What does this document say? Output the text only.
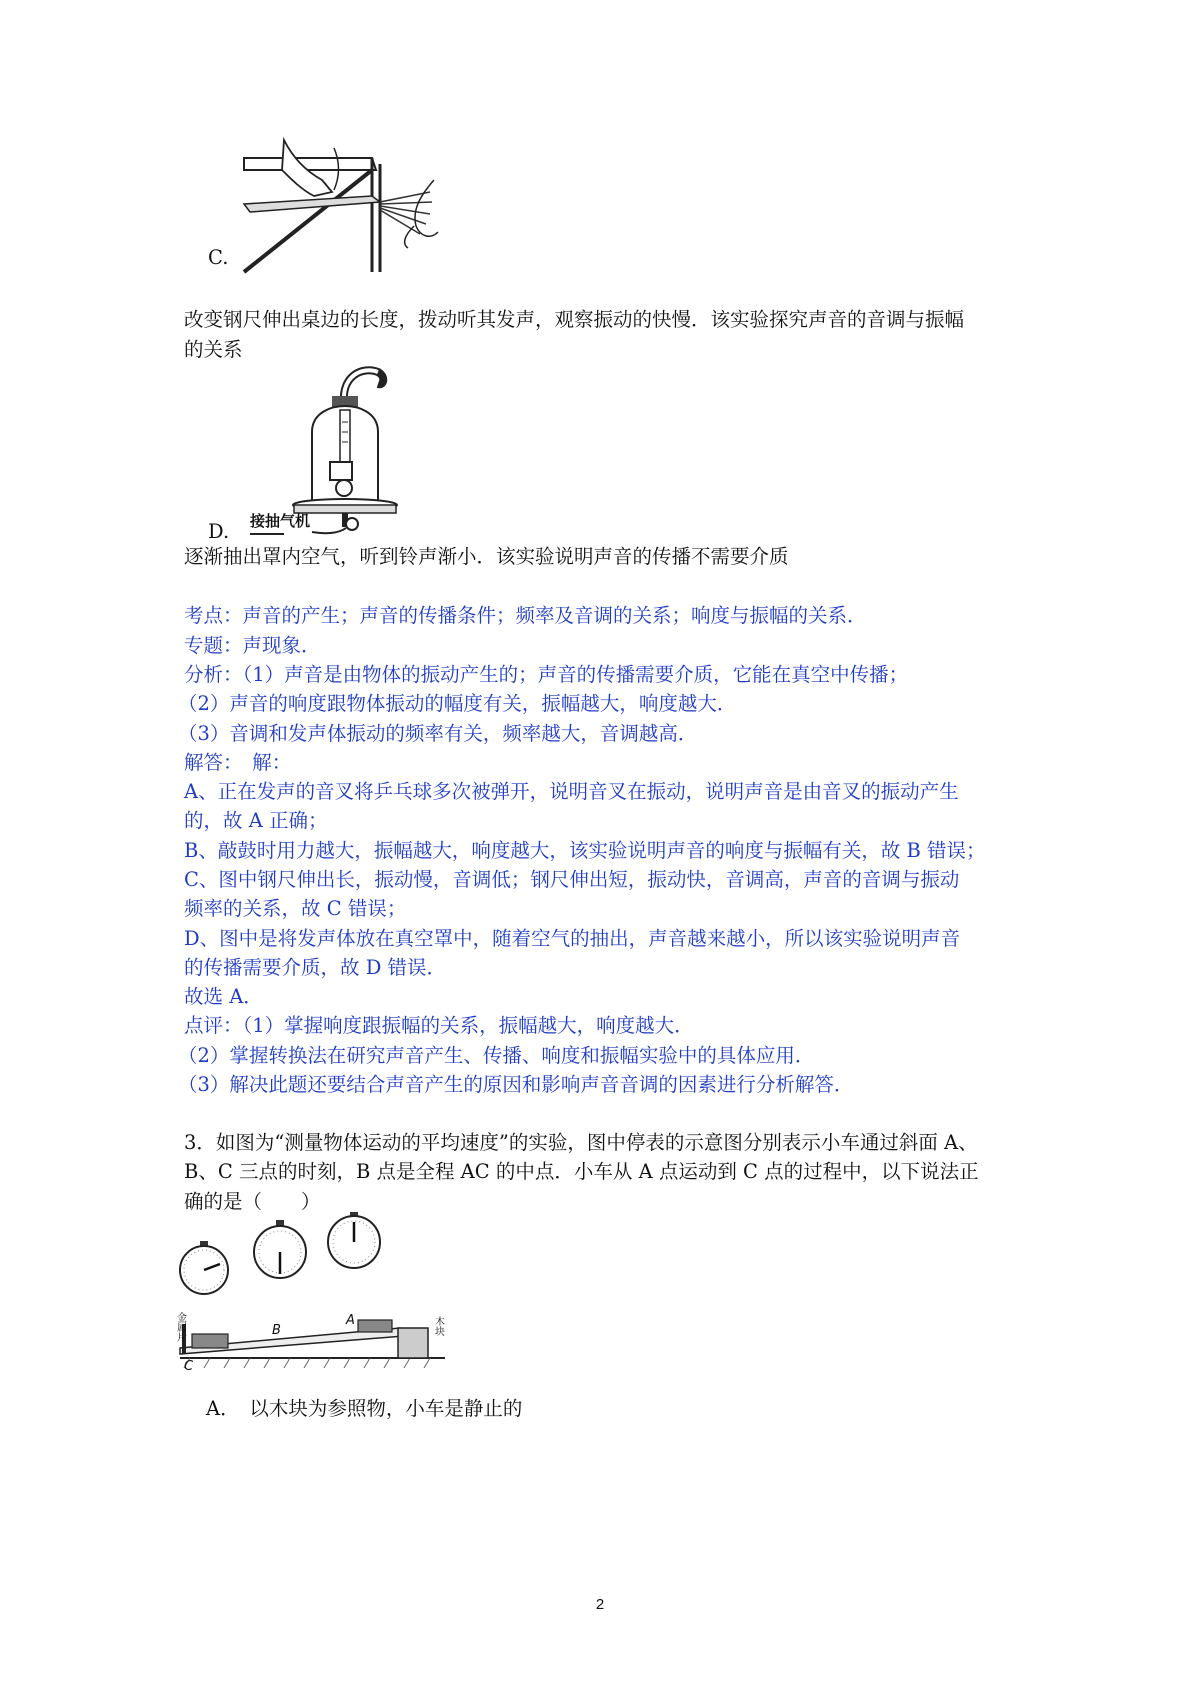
C.
改变钢尺伸出桌边的长度，拨动听其发声，观察振动的快慢．该实验探究声音的音调与振幅
的关系
接抽气机
D.
逐渐抽出罩内空气，听到铃声渐小．该实验说明声音的传播不需要介质
考点：声音的产生；声音的传播条件；频率及音调的关系；响度与振幅的关系．
专题：声现象．
分析：（1）声音是由物体的振动产生的；声音的传播需要介质，它能在真空中传播；
（2）声音的响度跟物体振动的幅度有关，振幅越大，响度越大．
（3）音调和发声体振动的频率有关，频率越大，音调越高．
解答：　解：
A、正在发声的音叉将乒乓球多次被弹开，说明音叉在振动，说明声音是由音叉的振动产生
的，故 A 正确；
B、敲鼓时用力越大，振幅越大，响度越大，该实验说明声音的响度与振幅有关，故 B 错误；
C、图中钢尺伸出长，振动慢，音调低；钢尺伸出短，振动快，音调高，声音的音调与振动
频率的关系，故 C 错误；
D、图中是将发声体放在真空罩中，随着空气的抽出，声音越来越小，所以该实验说明声音
的传播需要介质，故 D 错误．
故选 A．
点评：（1）掌握响度跟振幅的关系，振幅越大，响度越大．
（2）掌握转换法在研究声音产生、传播、响度和振幅实验中的具体应用．
（3）解决此题还要结合声音产生的原因和影响声音音调的因素进行分析解答．
3．如图为“测量物体运动的平均速度”的实验，图中停表的示意图分别表示小车通过斜面 A、
B、C 三点的时刻，B 点是全程 AC 的中点．小车从 A 点运动到 C 点的过程中，以下说法正
确的是（　　）
B
A
C
金属片	木块
A．　以木块为参照物，小车是静止的
2
